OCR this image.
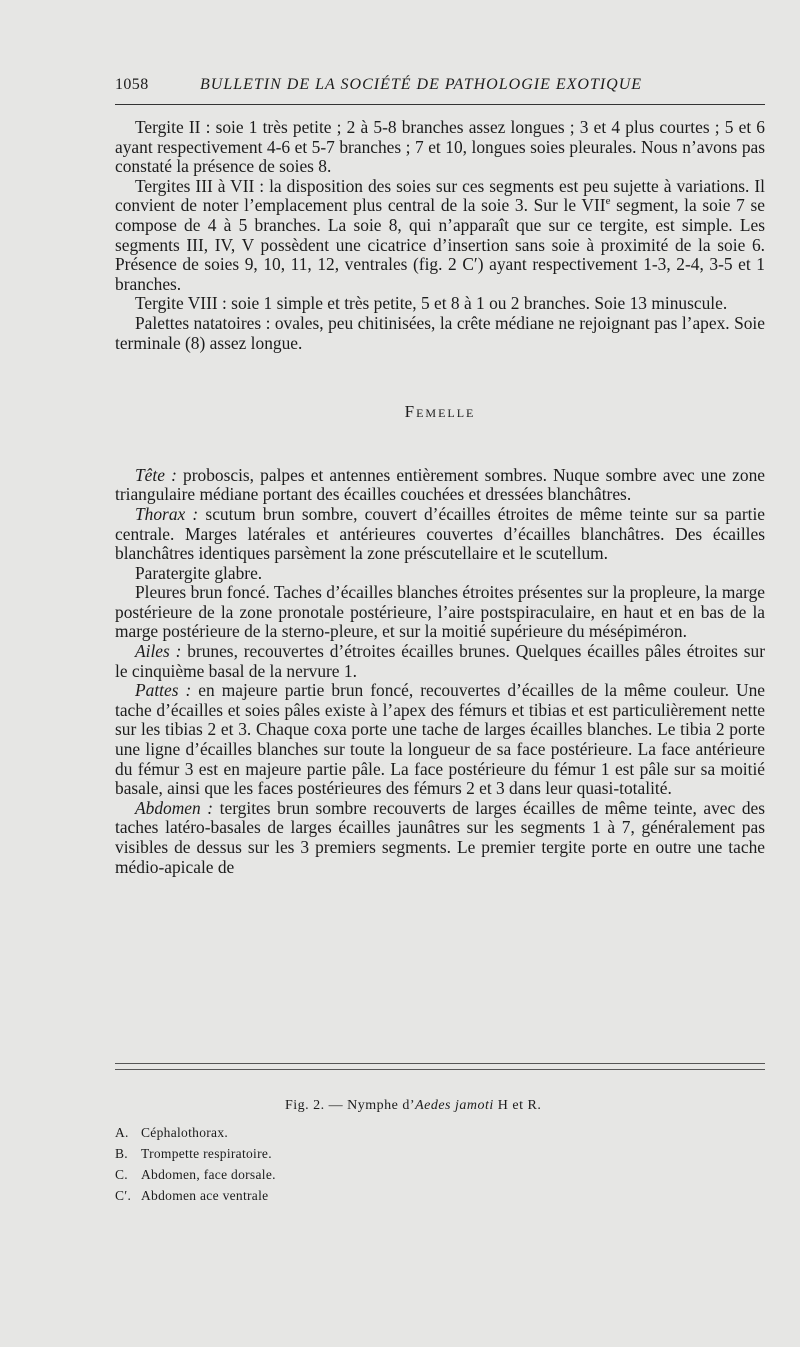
1058	BULLETIN DE LA SOCIÉTÉ DE PATHOLOGIE EXOTIQUE

Tergite II : soie 1 très petite ; 2 à 5-8 branches assez longues ; 3 et 4 plus courtes ; 5 et 6 ayant respectivement 4-6 et 5-7 branches ; 7 et 10, longues soies pleurales. Nous n’avons pas constaté la présence de soies 8.

Tergites III à VII : la disposition des soies sur ces segments est peu sujette à variations. Il convient de noter l’emplacement plus central de la soie 3. Sur le VIIe segment, la soie 7 se compose de 4 à 5 branches. La soie 8, qui n’apparaît que sur ce tergite, est simple. Les segments III, IV, V possèdent une cicatrice d’insertion sans soie à proximité de la soie 6. Présence de soies 9, 10, 11, 12, ventrales (fig. 2 C′) ayant respectivement 1-3, 2-4, 3-5 et 1 branches.

Tergite VIII : soie 1 simple et très petite, 5 et 8 à 1 ou 2 branches. Soie 13 minuscule.

Palettes natatoires : ovales, peu chitinisées, la crête médiane ne rejoignant pas l’apex. Soie terminale (8) assez longue.

Femelle

Tête : proboscis, palpes et antennes entièrement sombres. Nuque sombre avec une zone triangulaire médiane portant des écailles couchées et dressées blanchâtres.

Thorax : scutum brun sombre, couvert d’écailles étroites de même teinte sur sa partie centrale. Marges latérales et antérieures couvertes d’écailles blanchâtres. Des écailles blanchâtres identiques parsèment la zone préscutellaire et le scutellum.

Paratergite glabre.

Pleures brun foncé. Taches d’écailles blanches étroites présentes sur la propleure, la marge postérieure de la zone pronotale postérieure, l’aire postspiraculaire, en haut et en bas de la marge postérieure de la sterno-pleure, et sur la moitié supérieure du mésépiméron.

Ailes : brunes, recouvertes d’étroites écailles brunes. Quelques écailles pâles étroites sur le cinquième basal de la nervure 1.

Pattes : en majeure partie brun foncé, recouvertes d’écailles de la même couleur. Une tache d’écailles et soies pâles existe à l’apex des fémurs et tibias et est particulièrement nette sur les tibias 2 et 3. Chaque coxa porte une tache de larges écailles blanches. Le tibia 2 porte une ligne d’écailles blanches sur toute la longueur de sa face postérieure. La face antérieure du fémur 3 est en majeure partie pâle. La face postérieure du fémur 1 est pâle sur sa moitié basale, ainsi que les faces postérieures des fémurs 2 et 3 dans leur quasi-totalité.

Abdomen : tergites brun sombre recouverts de larges écailles de même teinte, avec des taches latéro-basales de larges écailles jaunâtres sur les segments 1 à 7, généralement pas visibles de dessus sur les 3 premiers segments. Le premier tergite porte en outre une tache médio-apicale de

Fig. 2. — Nymphe d’Aedes jamoti H et R.
A. Céphalothorax.
B. Trompette respiratoire.
C. Abdomen, face dorsale.
C′. Abdomen ace ventrale
